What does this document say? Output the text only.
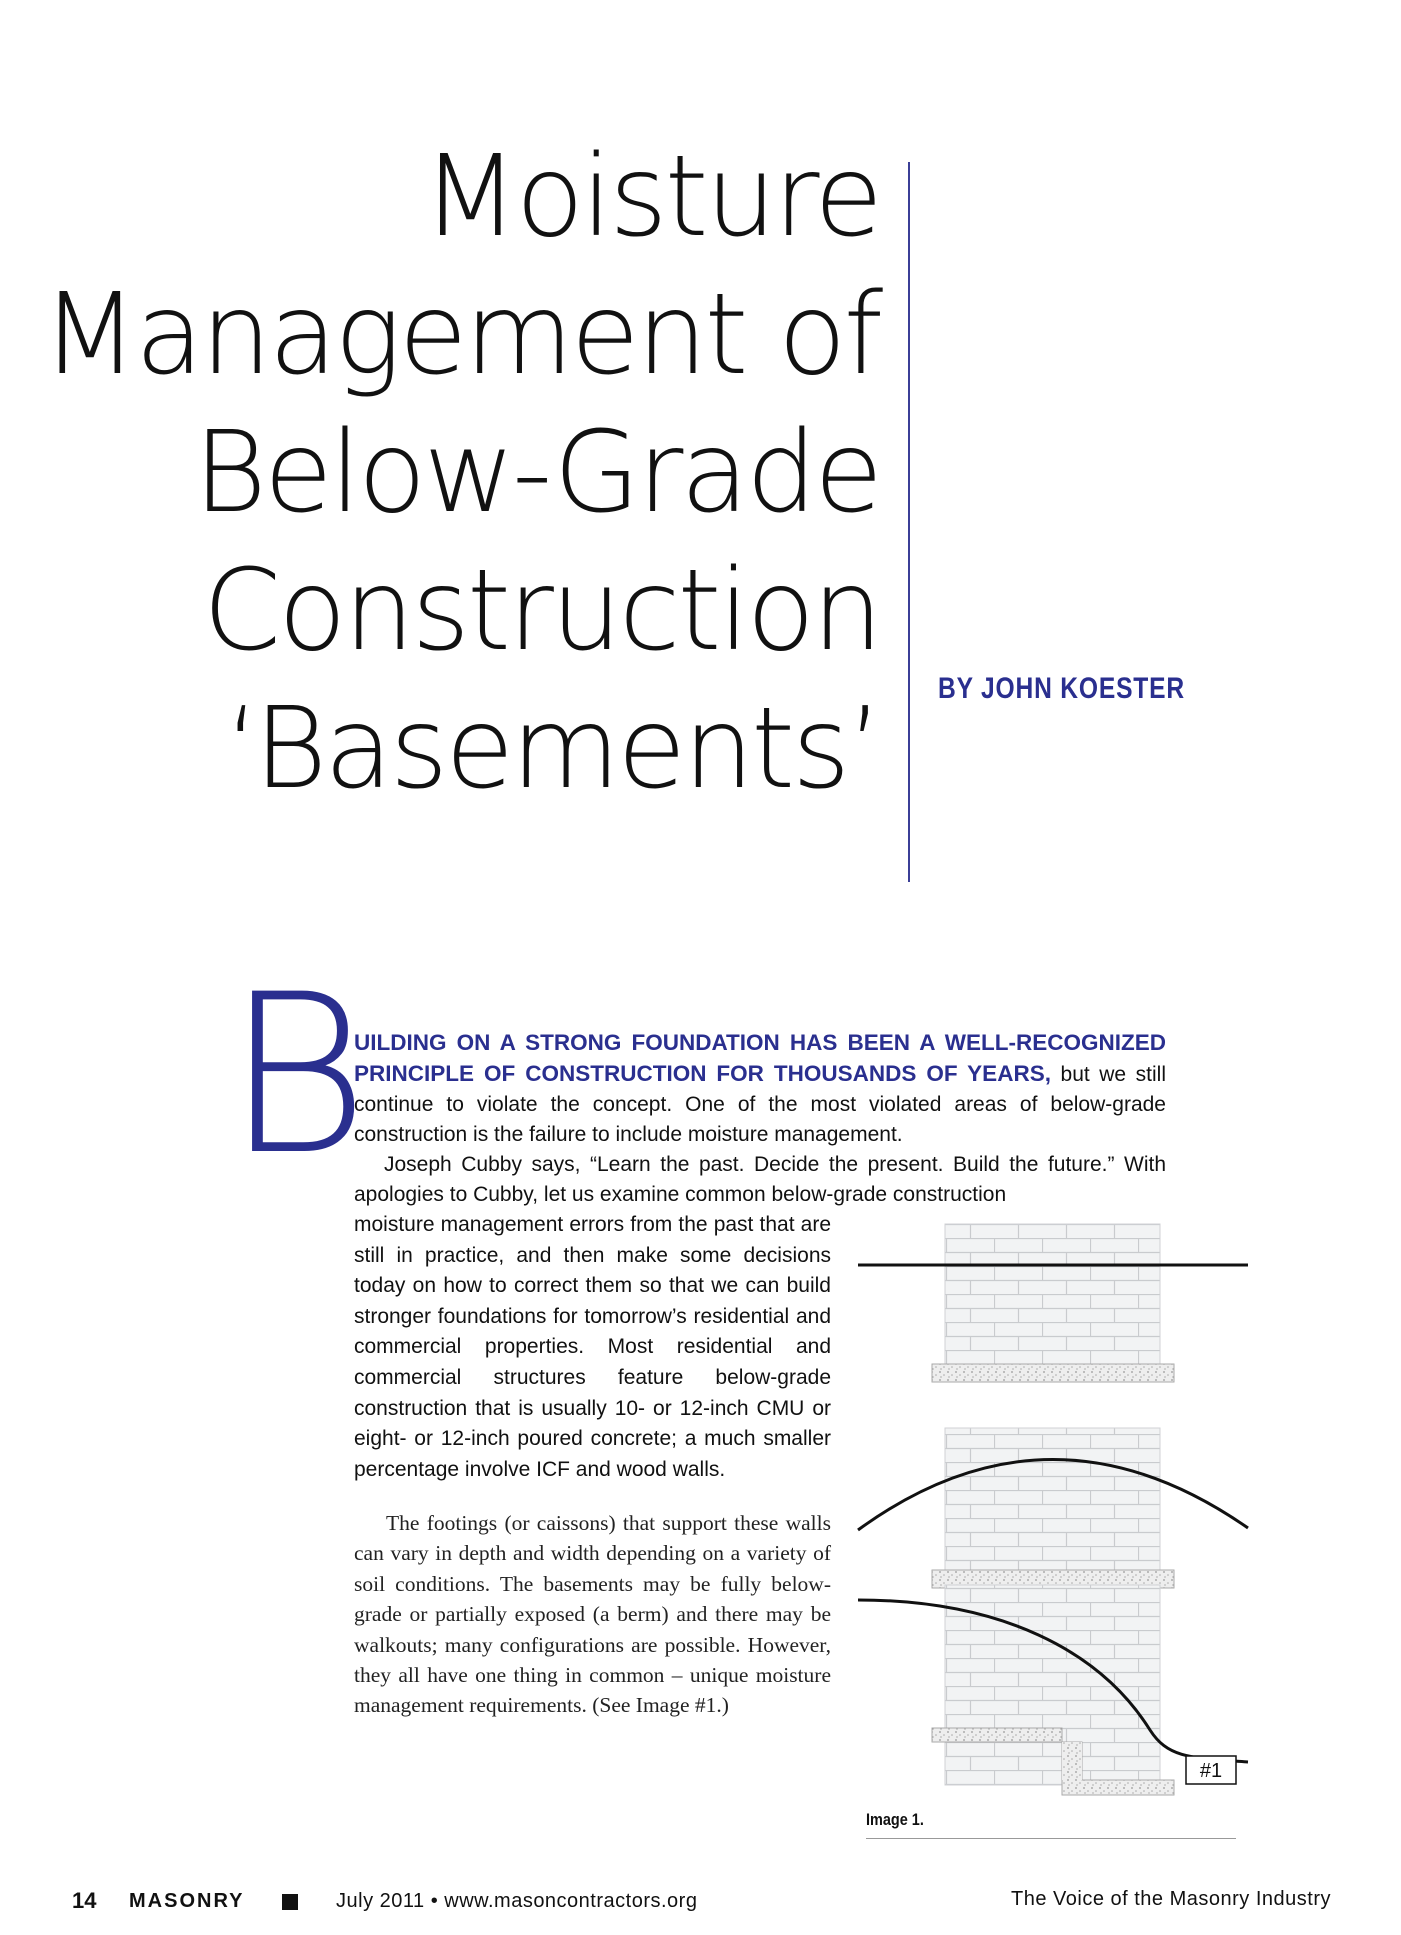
Moisture
Management of
Below-Grade
Construction
‘Basements’ BY JOHN KOESTER
B
UILDING ON A STRONG FOUNDATION HAS BEEN A WELL-RECOGNIZED PRINCIPLE OF CONSTRUCTION FOR THOUSANDS OF YEARS, but we still continue to violate the concept. One of the most violated areas of below-grade construction is the failure to include moisture management.
Joseph Cubby says, “Learn the past. Decide the present. Build the future.” With apologies to Cubby, let us examine common below-grade construction
moisture management errors from the past that are still in practice, and then make some decisions today on how to correct them so that we can build stronger foundations for tomorrow’s residential and commercial properties. Most residential and commercial structures feature below-grade construction that is usually 10- or 12-inch CMU or eight- or 12-inch poured concrete; a much smaller percentage involve ICF and wood walls.

The footings (or caissons) that support these walls can vary in depth and width depending on a variety of soil conditions. The basements may be fully below-grade or partially exposed (a berm) and there may be walkouts; many configurations are possible. However, they all have one thing in common – unique moisture management requirements. (See Image #1.)

#1
Image 1.
14 MASONRY	July 2011 • www.masoncontractors.org	The Voice of the Masonry Industry
